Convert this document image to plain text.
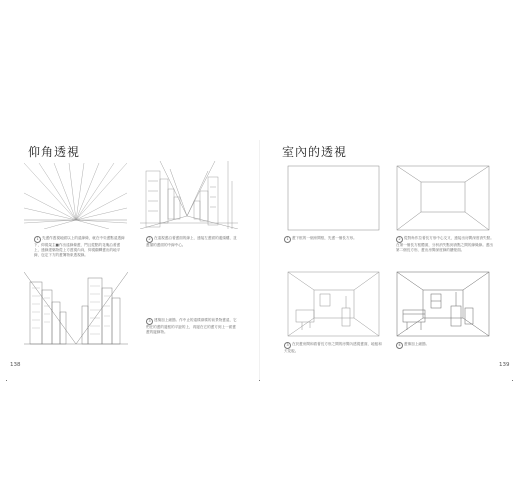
仰角透視
1 先畫作透視地面以上的遠線條，就在中央畫點遠透線下，仰視架主■作出遠線條畫，門且從點的花塊沿著畫上，連線建築物從上方透視內向，仰視顧轉畫出的地平線，包定下方的畫簿物象透視線。
2 在遠視畫沿著畫面的線上，連接左畫面的邊頭樓，並畫描的畫面的中線中心。
3 建築加上細節。作中止的遠樣兩樣的前景物畫遠，它們在的畫的邊框的平距的上，再邊在它的畫方到上一面畫畫的邊線物。
138
室內的透視
1 畫下框的一個房間框，先畫一個長方形。	2 從對角作拉著長方形中心交叉，連接出房間深度消失點。在第一個長方框體面，分析消失點到消點之間的線條線。畫出第二個長方形，畫出房間深度線的牆壁面。
3 在於畫房間和看著長方形之間的房間內透視畫面，地板和天花板。
4 畫像加上細節。
139
